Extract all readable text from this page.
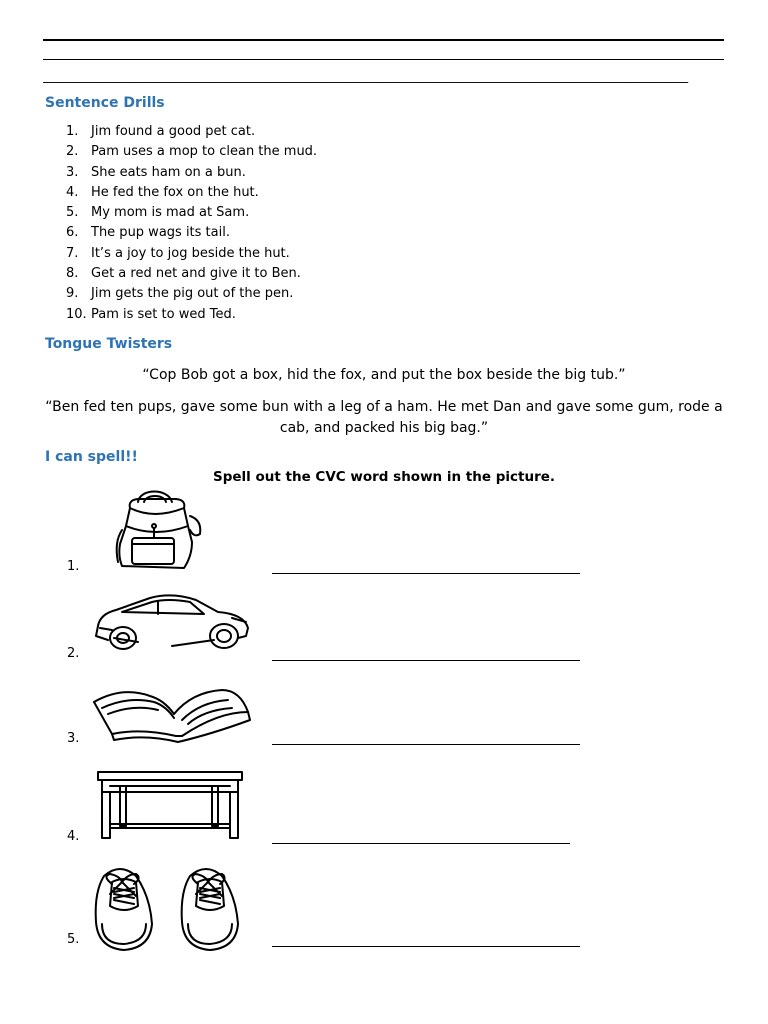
________________________________________________________________________________________________________
Sentence Drills
1. Jim found a good pet cat.
2. Pam uses a mop to clean the mud.
3. She eats ham on a bun.
4. He fed the fox on the hut.
5. My mom is mad at Sam.
6. The pup wags its tail.
7. It’s a joy to jog beside the hut.
8. Get a red net and give it to Ben.
9. Jim gets the pig out of the pen.
10. Pam is set to wed Ted.
Tongue Twisters

“Cop Bob got a box, hid the fox, and put the box beside the big tub.”

“Ben fed ten pups, gave some bun with a leg of a ham. He met Dan and gave some gum, rode a cab, and packed his big bag.”

I can spell!!

Spell out the CVC word shown in the picture.

1.
2.
3.
4.
5.
